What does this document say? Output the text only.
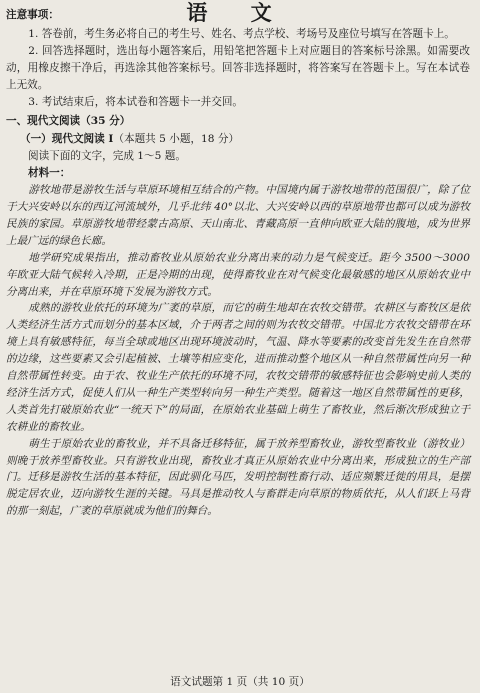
语 文
注意事项：

1. 答卷前，考生务必将自己的考生号、姓名、考点学校、考场号及座位号填写在答题卡上。

2. 回答选择题时，选出每小题答案后，用铅笔把答题卡上对应题目的答案标号涂黑。如需要改动，用橡皮擦干净后，再选涂其他答案标号。回答非选择题时，将答案写在答题卡上。写在本试卷上无效。

3. 考试结束后，将本试卷和答题卡一并交回。

一、现代文阅读（35 分）
（一）现代文阅读 I（本题共 5 小题，18 分）
阅读下面的文字，完成 1～5 题。
材料一：

游牧地带是游牧生活与草原环境相互结合的产物。中国境内属于游牧地带的范围很广，除了位于大兴安岭以东的西辽河流域外，几乎北纬 40°以北、大兴安岭以西的草原地带也都可以成为游牧民族的家园。草原游牧地带经蒙古高原、天山南北、青藏高原一直伸向欧亚大陆的腹地，成为世界上最广远的绿色长廊。

地学研究成果指出，推动畜牧业从原始农业分离出来的动力是气候变迁。距今 3500～3000 年欧亚大陆气候转入冷期，正是冷期的出现，使得畜牧业在对气候变化最敏感的地区从原始农业中分离出来，并在草原环境下发展为游牧方式。

成熟的游牧业依托的环境为广袤的草原，而它的萌生地却在农牧交错带。农耕区与畜牧区是依人类经济生活方式而划分的基本区域，介于两者之间的则为农牧交错带。中国北方农牧交错带在环境上具有敏感特征，每当全球或地区出现环境波动时，气温、降水等要素的改变首先发生在自然带的边缘，这些要素又会引起植被、土壤等相应变化，进而推动整个地区从一种自然带属性向另一种自然带属性转变。由于农、牧业生产依托的环境不同，农牧交错带的敏感特征也会影响史前人类的经济生活方式，促使人们从一种生产类型转向另一种生产类型。随着这一地区自然带属性的更移，人类首先打破原始农业“一统天下”的局面，在原始农业基础上萌生了畜牧业，然后渐次形成独立于农耕业的畜牧业。

萌生于原始农业的畜牧业，并不具备迁移特征，属于放养型畜牧业，游牧型畜牧业（游牧业）则晚于放养型畜牧业。只有游牧业出现，畜牧业才真正从原始农业中分离出来，形成独立的生产部门。迁移是游牧生活的基本特征，因此驯化马匹，发明控制牲畜行动、适应频繁迁徙的用具，是摆脱定居农业，迈向游牧生涯的关键。马具是推动牧人与畜群走向草原的物质依托，从人们跃上马背的那一刻起，广袤的草原就成为他们的舞台。

语文试题第 1 页（共 10 页）
